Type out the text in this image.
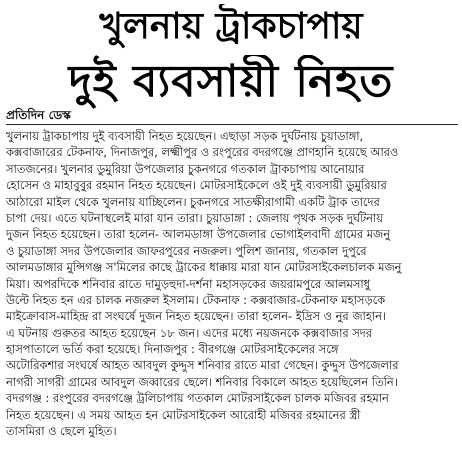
খুলনায় ট্রাকচাপায়
দুই ব্যবসায়ী নিহত
প্রতিদিন ডেস্ক
খুলনায় ট্রাকচাপায় দুই ব্যবসায়ী নিহত হয়েছেন। এছাড়া সড়ক দুর্ঘটনায় চুয়াডাঙ্গা,
কক্সবাজারের টেকনাফ, দিনাজপুর, লক্ষ্মীপুর ও রংপুরের বদরগঞ্জে প্রাণহানি হয়েছে আরও
সাতজনের। খুলনার ডুমুরিয়া উপজেলার চুকনগরে গতকাল ট্রাকচাপায় আনোয়ার
হোসেন ও মাহাবুবুর রহমান নিহত হয়েছেন। মোটরসাইকেলে ওই দুই ব্যবসায়ী ডুমুরিয়ার
আঠারো মাইল থেকে খুলনায় যাচ্ছিলেন। চুকনগরে সাতক্ষীরাগামী একটি ট্রাক তাদের
চাপা দেয়। এতে ঘটনাস্থলেই মারা যান তারা। চুয়াডাঙ্গা : জেলায় পৃথক সড়ক দুর্ঘটনায়
দুজন নিহত হয়েছেন। তারা হলেন- আলমডাঙ্গা উপজেলার ভোগাইলবাদী গ্রামের মজনু
ও চুয়াডাঙ্গা সদর উপজেলার জাফরপুরের নজরুল। পুলিশ জানায়, গতকাল দুপুরে
আলমডাঙ্গার মুন্সিগঞ্জ স'মিলের কাছে ট্রাকের ধাক্কায় মারা যান মোটরসাইকেলচালক মজনু
মিয়া। অপরদিকে শনিবার রাতে দামুড়হুদা-দর্শনা মহাসড়কের জয়রামপুরে আলমসাধু
উল্টে নিহত হন এর চালক নজরুল ইসলাম। টেকনাফ : কক্সবাজার-টেকনাফ মহাসড়কে
মাইক্রোবাস-মাহিন্দ্র রা সংঘর্ষে দুজন নিহত হয়েছেন। তারা হলেন- ইদ্রিস ও নুর জাহান।
এ ঘটনায় গুরুতর আহত হয়েছেন ১৮ জন। এদের মধ্যে নয়জনকে কক্সবাজার সদর
হাসপাতালে ভর্তি করা হয়েছে। দিনাজপুর : বীরগঞ্জে মোটরসাইকেলের সঙ্গে
অটোরিকশার সংঘর্ষে আহত আবদুল কুদ্দুস শনিবার রাতে মারা গেছেন। কুদ্দুস উপজেলার
নাগরী সাগরী গ্রামের আবদুল জব্বারের ছেলে। শনিবার বিকালে আহত হয়েছিলেন তিনি।
বদরগঞ্জ : রংপুরের বদরগঞ্জে ট্রলিচাপায় গতকাল মোটরসাইকেল চালক মজিবর রহমান
নিহত হয়েছেন। এ সময় আহত হন মোটরসাইকেল আরোহী মজিবর রহমানের স্ত্রী
তাসমিরা ও ছেলে মুহিত।
